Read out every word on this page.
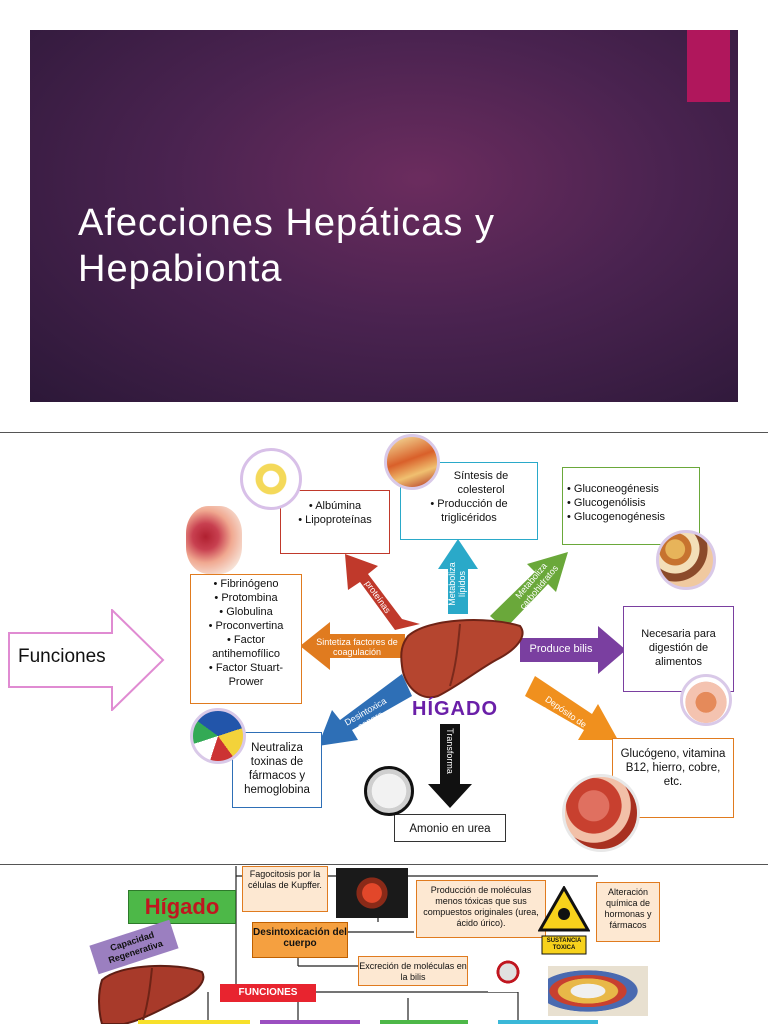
Afecciones Hepáticas y
Hepabionta
Funciones
Sintetiza proteínas	Metaboliza lípidos	Metaboliza carbohidratos
Sintetiza factores de coagulación	Produce bilis
Desintoxica sangre	Depósito de sustancias
Transforma
HÍGADO
• Albúmina
• Lipoproteínas
Síntesis de colesterol
• Producción de triglicéridos
• Gluconeogénesis
• Glucogenólisis
• Glucogenogénesis
• Fibrinógeno
• Protombina
• Globulina
• Proconvertina
• Factor antihemofílico
• Factor Stuart-Prower
Necesaria para digestión de alimentos
Neutraliza toxinas de fármacos y hemoglobina
Amonio en urea
Glucógeno, vitamina B12, hierro, cobre, etc.
Hígado
Capacidad Regenerativa
Fagocitosis por la células de Kupffer.
Desintoxicación del cuerpo
Producción de moléculas menos tóxicas que sus compuestos originales (urea, ácido úrico).
Excreción de moléculas en la bilis
Alteración química de hormonas y fármacos
SUSTANCIA TOXICA
FUNCIONES
